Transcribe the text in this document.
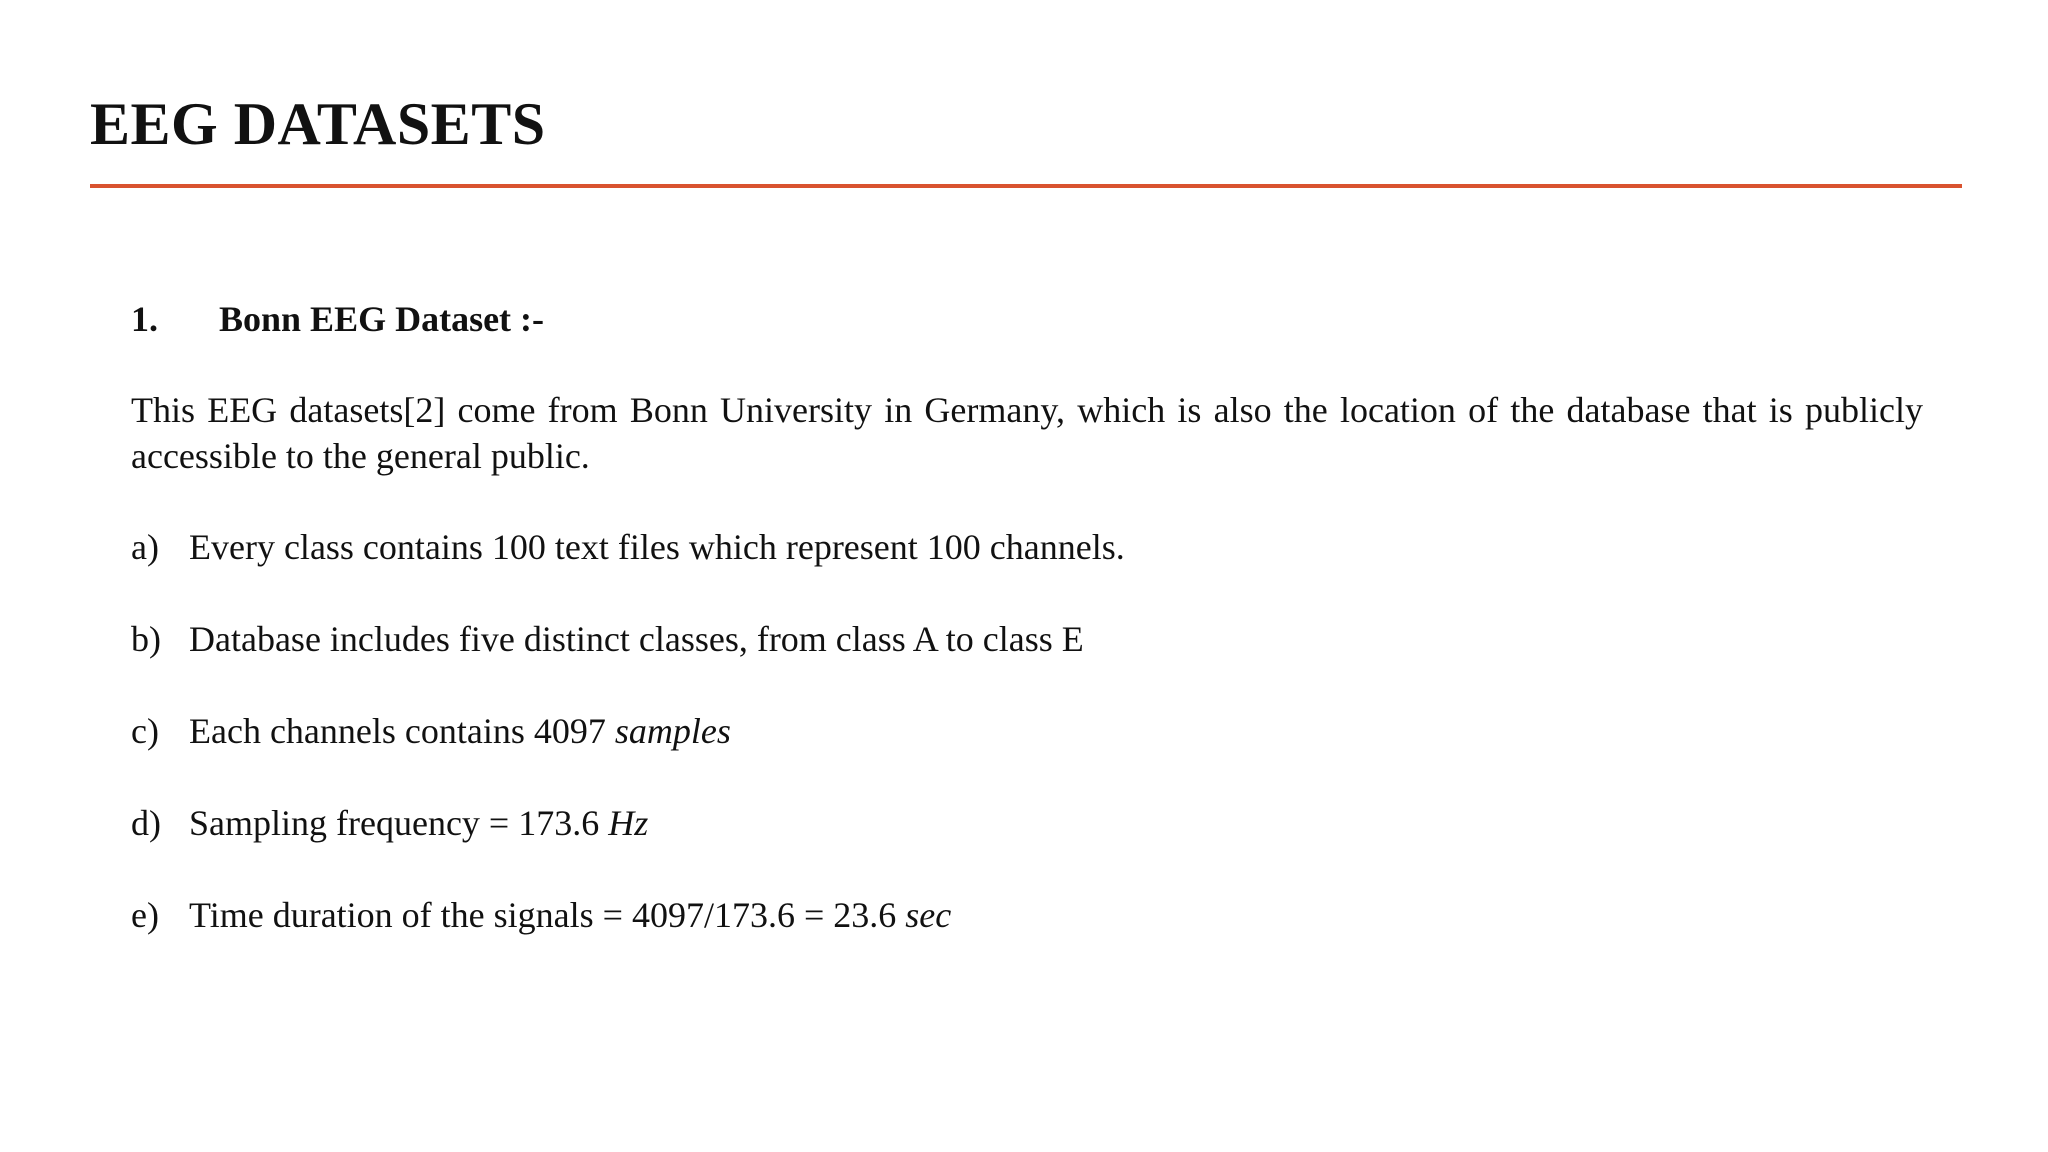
EEG DATASETS
1.	Bonn EEG Dataset :-

This EEG datasets[2] come from Bonn University in Germany, which is also the location of the database that is publicly accessible to the general public.

a) Every class contains 100 text files which represent 100 channels.
b) Database includes five distinct classes, from class A to class E
c) Each channels contains 4097 samples
d) Sampling frequency = 173.6 Hz
e) Time duration of the signals = 4097/173.6 = 23.6 sec
